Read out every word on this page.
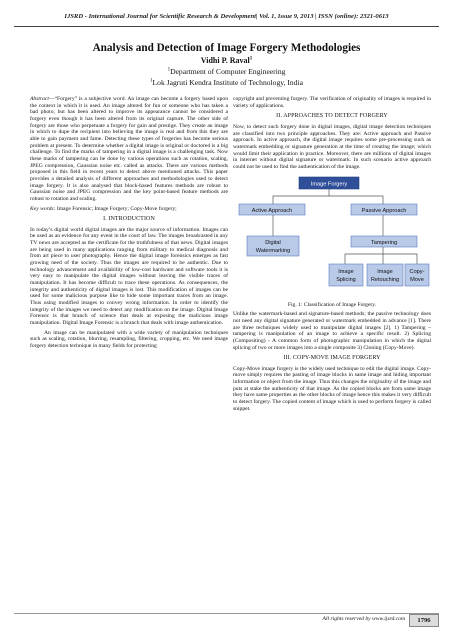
IJSRD - International Journal for Scientific Research & Development| Vol. 1, Issue 9, 2013 | ISSN (online): 2321-0613
Analysis and Detection of Image Forgery Methodologies
Vidhi P. Raval$^1$
$^1$Department of Computer Engineering
$^1$Lok Jagruti Kendra Institute of Technology, India

Abstract—“Forgery” is a subjective word. An image can become a forgery based upon the context in which it is used. An image altered for fun or someone who has taken a bad photo, but has been altered to improve its appearance cannot be considered a forgery even though it has been altered from its original capture. The other side of forgery are those who perpetuate a forgery for gain and prestige. They create an image in which to dupe the recipient into believing the image is real and from this they are able to gain payment and fame. Detecting these types of forgeries has become serious problem at present. To determine whether a digital image is original or doctored is a big challenge. To find the marks of tampering in a digital image is a challenging task. Now these marks of tampering can be done by various operations such as rotation, scaling, JPEG compression, Gaussian noise etc. called as attacks. There are various methods proposed in this field in recent years to detect above mentioned attacks. This paper provides a detailed analysis of different approaches and methodologies used to detect image forgery. It is also analysed that block-based features methods are robust to Gaussian noise and JPEG compression and the key point-based feature methods are robust to rotation and scaling.

Key words: Image Forensic; Image Forgery; Copy-Move forgery;

I. INTRODUCTION

In today’s digital world digital images are the major source of information. Images can be used as an evidence for any event in the court of law. The images broadcasted in any TV news are accepted as the certificate for the truthfulness of that news. Digital images are being used in many applications ranging from military to medical diagnosis and from art piece to user photography. Hence the digital image forensics emerges as fast growing need of the society. Thus the images are required to be authentic. Due to technology advancement and availability of low-cost hardware and software tools it is very easy to manipulate the digital images without leaving the visible traces of manipulation. It has become difficult to trace these operations. As consequences, the integrity and authenticity of digital images is lost. This modification of images can be used for some malicious purpose like to hide some important traces from an image. Thus using modified images to convey wrong information. In order to identify the integrity of the images we need to detect any modification on the image. Digital Image Forensic is that branch of science that deals at exposing the malicious image manipulation. Digital Image Forensic is a branch that deals with image authentication.

An image can be manipulated with a wide variety of manipulation techniques such as scaling, rotation, blurring, resampling, filtering, cropping, etc. We need image forgery detection technique in many fields for protecting

copyright and preventing forgery. The verification of originality of images is required in variety of applications.

II. APPROACHES TO DETECT FORGERY

Now, to detect such forgery done in digital images, digital image detection techniques are classified into two principle approaches. They are: Active approach and Passive approach. In active approach, the digital image requires some pre-processing such as watermark embedding or signature generation at the time of creating the image; which would limit their application in practice. Moreover, there are millions of digital images in internet without digital signature or watermark. In such scenario active approach could not be used to find the authentication of the image.

Image Forgery
Active Approach	Passive Approach
Digital
Watermarking
Tampering
Image
Splicing
Image
Retouching
Copy-
Move
Fig. 1: Classification of Image Forgery.

Unlike the watermark-based and signature-based methods; the passive technology does not need any digital signature generated or watermark embedded in advance [1]. There are three techniques widely used to manipulate digital images [2]. 1) Tampering – tampering is manipulation of an image to achieve a specific result. 2) Splicing (Compositing) - A common form of photographic manipulation in which the digital splicing of two or more images into a single composite 3) Cloning (Copy-Move).

III. COPY-MOVE IMAGE FORGERY

Copy-Move image forgery is the widely used technique to edit the digital image. Copy-move simply requires the pasting of image blocks in same image and hiding important information or object from the image. Thus this changes the originality of the image and puts at stake the authenticity of that image. As the copied blocks are from same image they have same properties as the other blocks of image hence this makes it very difficult to detect forgery. The copied content of image which is used to perform forgery is called snippet.

All rights reserved by www.ijsrd.com	1796
